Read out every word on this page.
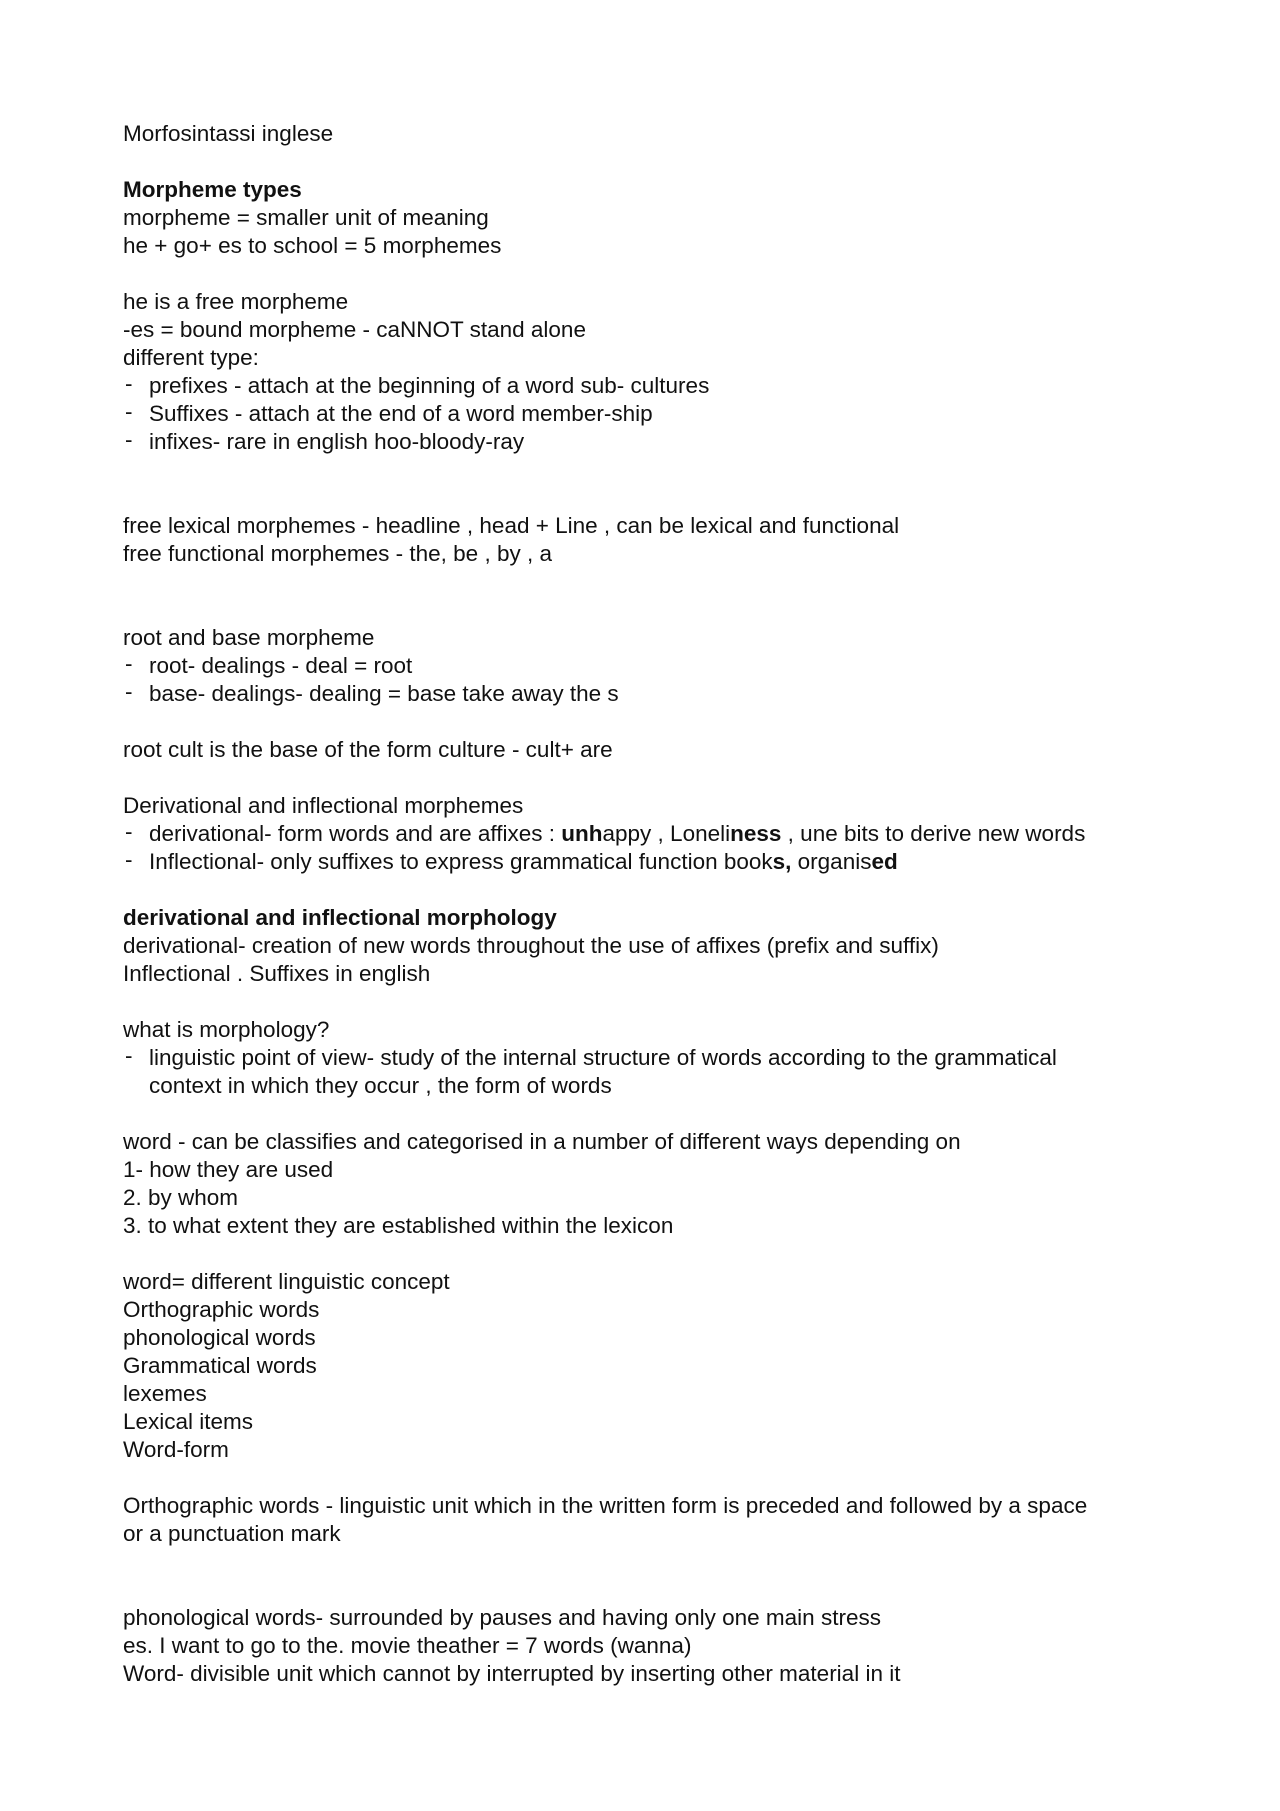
Morfosintassi inglese
Morpheme types
morpheme = smaller unit of meaning
he + go+ es to school = 5 morphemes
he is a free morpheme
-es = bound morpheme - caNNOT stand alone
different type:
- prefixes - attach at the beginning of a word sub- cultures
- Suffixes - attach at the end of a word member-ship
- infixes- rare in english hoo-bloody-ray
free lexical morphemes - headline , head + Line , can be lexical and functional
free functional morphemes - the, be , by , a
root and base morpheme
- root- dealings - deal = root
- base- dealings- dealing = base take away the s
root cult is the base of the form culture - cult+ are
Derivational and inflectional morphemes
- derivational- form words and are affixes : unhappy , Loneliness , une bits to derive new words
- Inflectional- only suffixes to express grammatical function books, organised
derivational and inflectional morphology
derivational- creation of new words throughout the use of affixes (prefix and suffix)
Inflectional . Suffixes in english
what is morphology?
- linguistic point of view- study of the internal structure of words according to the grammatical
context in which they occur , the form of words
word - can be classifies and categorised in a number of different ways depending on
1- how they are used
2. by whom
3. to what extent they are established within the lexicon
word= different linguistic concept
Orthographic words
phonological words
Grammatical words
lexemes
Lexical items
Word-form
Orthographic words - linguistic unit which in the written form is preceded and followed by a space
or a punctuation mark
phonological words- surrounded by pauses and having only one main stress
es. I want to go to the. movie theather = 7 words (wanna)
Word- divisible unit which cannot by interrupted by inserting other material in it
